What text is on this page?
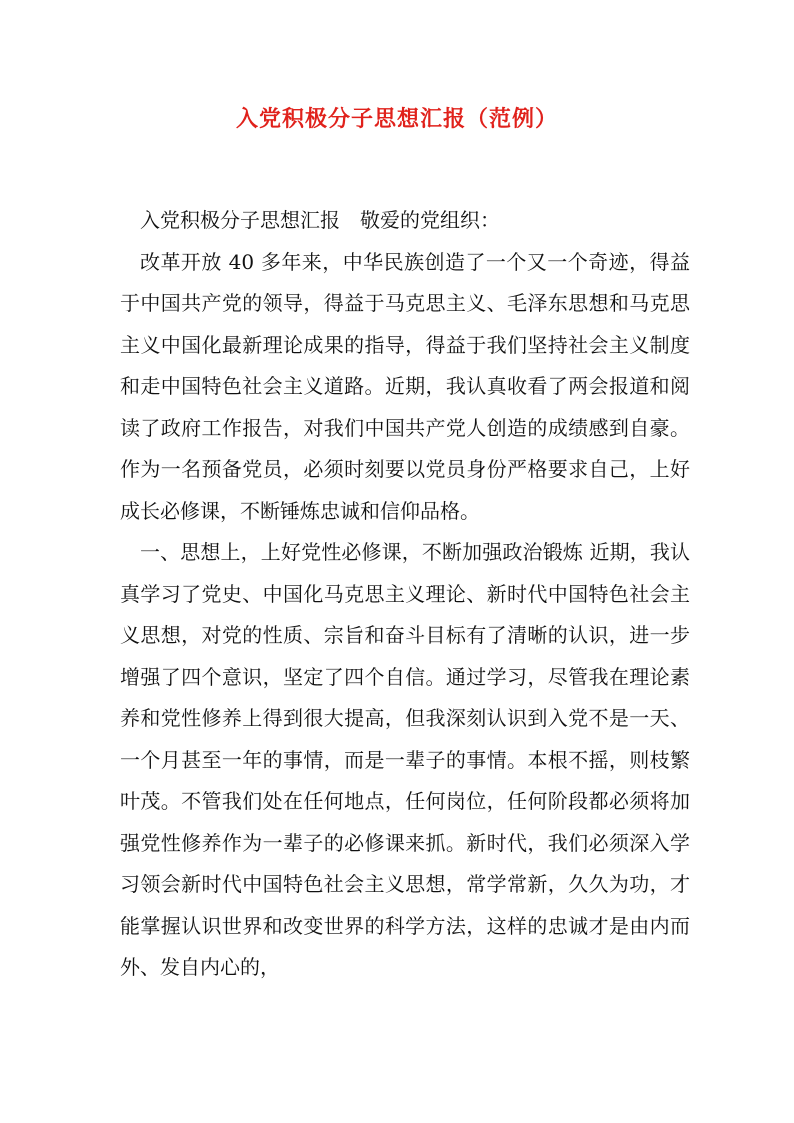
入党积极分子思想汇报（范例）

入党积极分子思想汇报　敬爱的党组织：

改革开放 40 多年来，中华民族创造了一个又一个奇迹，得益于中国共产党的领导，得益于马克思主义、毛泽东思想和马克思主义中国化最新理论成果的指导，得益于我们坚持社会主义制度和走中国特色社会主义道路。近期，我认真收看了两会报道和阅读了政府工作报告，对我们中国共产党人创造的成绩感到自豪。作为一名预备党员，必须时刻要以党员身份严格要求自己，上好成长必修课，不断锤炼忠诚和信仰品格。

一、思想上，上好党性必修课，不断加强政治锻炼 近期，我认真学习了党史、中国化马克思主义理论、新时代中国特色社会主义思想，对党的性质、宗旨和奋斗目标有了清晰的认识，进一步增强了四个意识，坚定了四个自信。通过学习，尽管我在理论素养和党性修养上得到很大提高，但我深刻认识到入党不是一天、一个月甚至一年的事情，而是一辈子的事情。本根不摇，则枝繁叶茂。不管我们处在任何地点，任何岗位，任何阶段都必须将加强党性修养作为一辈子的必修课来抓。新时代，我们必须深入学习领会新时代中国特色社会主义思想，常学常新，久久为功，才能掌握认识世界和改变世界的科学方法，这样的忠诚才是由内而外、发自内心的，
